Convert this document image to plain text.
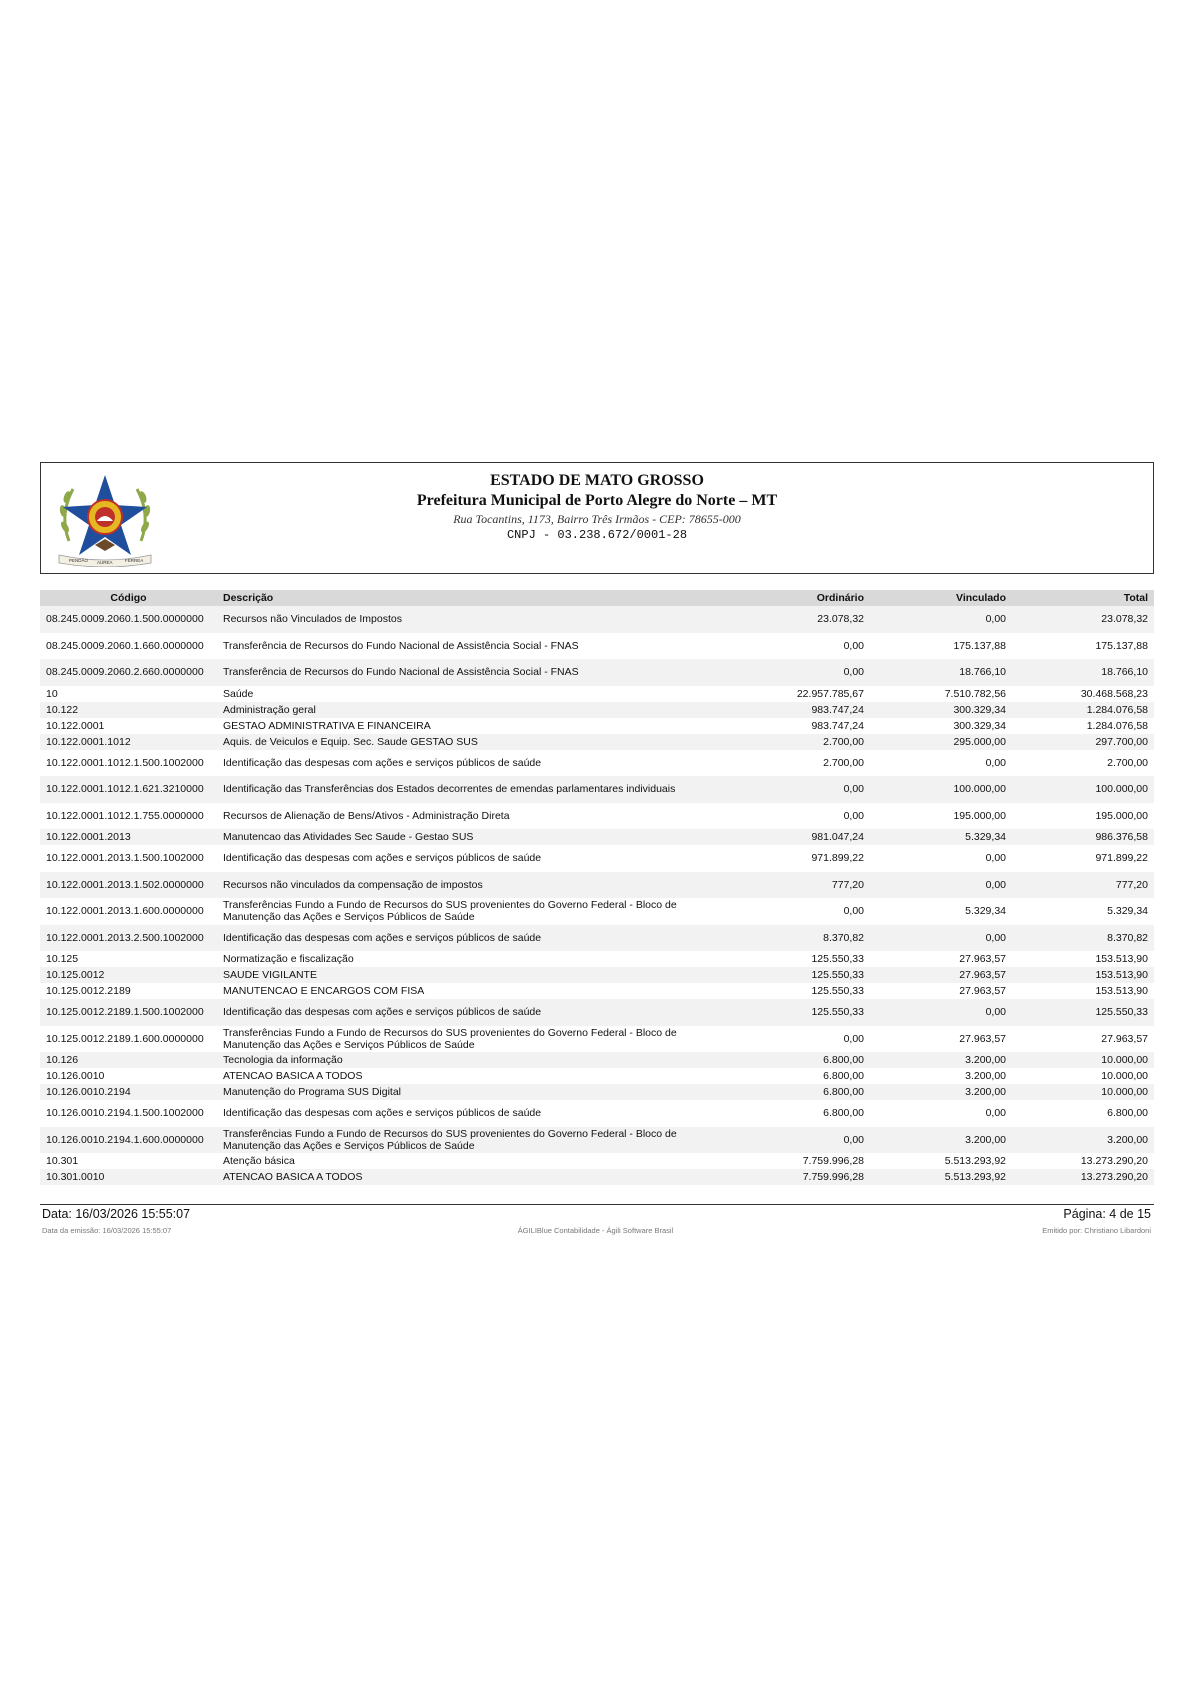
PENDÃO AUREA	FERREA
ESTADO DE MATO GROSSO
Prefeitura Municipal de Porto Alegre do Norte – MT
Rua Tocantins, 1173, Bairro Três Irmãos - CEP: 78655-000
CNPJ - 03.238.672/0001-28
Código	Descrição	Ordinário	Vinculado	Total
08.245.0009.2060.1.500.0000000	Recursos não Vinculados de Impostos	23.078,32	0,00	23.078,32
08.245.0009.2060.1.660.0000000	Transferência de Recursos do Fundo Nacional de Assistência Social - FNAS	0,00	175.137,88	175.137,88
08.245.0009.2060.2.660.0000000	Transferência de Recursos do Fundo Nacional de Assistência Social - FNAS	0,00	18.766,10	18.766,10
10	Saúde	22.957.785,67	7.510.782,56	30.468.568,23
10.122	Administração geral	983.747,24	300.329,34	1.284.076,58
10.122.0001	GESTAO ADMINISTRATIVA E FINANCEIRA	983.747,24	300.329,34	1.284.076,58
10.122.0001.1012	Aquis. de Veiculos e Equip. Sec. Saude GESTAO SUS	2.700,00	295.000,00	297.700,00
10.122.0001.1012.1.500.1002000	Identificação das despesas com ações e serviços públicos de saúde	2.700,00	0,00	2.700,00
10.122.0001.1012.1.621.3210000	Identificação das Transferências dos Estados decorrentes de emendas parlamentares individuais	0,00	100.000,00	100.000,00
10.122.0001.1012.1.755.0000000	Recursos de Alienação de Bens/Ativos - Administração Direta	0,00	195.000,00	195.000,00
10.122.0001.2013	Manutencao das Atividades Sec Saude - Gestao SUS	981.047,24	5.329,34	986.376,58
10.122.0001.2013.1.500.1002000	Identificação das despesas com ações e serviços públicos de saúde	971.899,22	0,00	971.899,22
10.122.0001.2013.1.502.0000000	Recursos não vinculados da compensação de impostos	777,20	0,00	777,20
10.122.0001.2013.1.600.0000000	Transferências Fundo a Fundo de Recursos do SUS provenientes do Governo Federal - Bloco de
Manutenção das Ações e Serviços Públicos de Saúde	0,00	5.329,34	5.329,34
10.122.0001.2013.2.500.1002000	Identificação das despesas com ações e serviços públicos de saúde	8.370,82	0,00	8.370,82
10.125	Normatização e fiscalização	125.550,33	27.963,57	153.513,90
10.125.0012	SAUDE VIGILANTE	125.550,33	27.963,57	153.513,90
10.125.0012.2189	MANUTENCAO E ENCARGOS COM FISA	125.550,33	27.963,57	153.513,90
10.125.0012.2189.1.500.1002000	Identificação das despesas com ações e serviços públicos de saúde	125.550,33	0,00	125.550,33
10.125.0012.2189.1.600.0000000	Transferências Fundo a Fundo de Recursos do SUS provenientes do Governo Federal - Bloco de
Manutenção das Ações e Serviços Públicos de Saúde	0,00	27.963,57	27.963,57
10.126	Tecnologia da informação	6.800,00	3.200,00	10.000,00
10.126.0010	ATENCAO BASICA A TODOS	6.800,00	3.200,00	10.000,00
10.126.0010.2194	Manutenção do Programa SUS Digital	6.800,00	3.200,00	10.000,00
10.126.0010.2194.1.500.1002000	Identificação das despesas com ações e serviços públicos de saúde	6.800,00	0,00	6.800,00
10.126.0010.2194.1.600.0000000	Transferências Fundo a Fundo de Recursos do SUS provenientes do Governo Federal - Bloco de
Manutenção das Ações e Serviços Públicos de Saúde	0,00	3.200,00	3.200,00
10.301	Atenção básica	7.759.996,28	5.513.293,92	13.273.290,20
10.301.0010	ATENCAO BASICA A TODOS	7.759.996,28	5.513.293,92	13.273.290,20
Data: 16/03/2026 15:55:07	Página: 4 de 15
Data da emissão: 16/03/2026 15:55:07	ÁGILIBlue Contabilidade - Ágili Software Brasil	Emitido por: Christiano Libardoni
